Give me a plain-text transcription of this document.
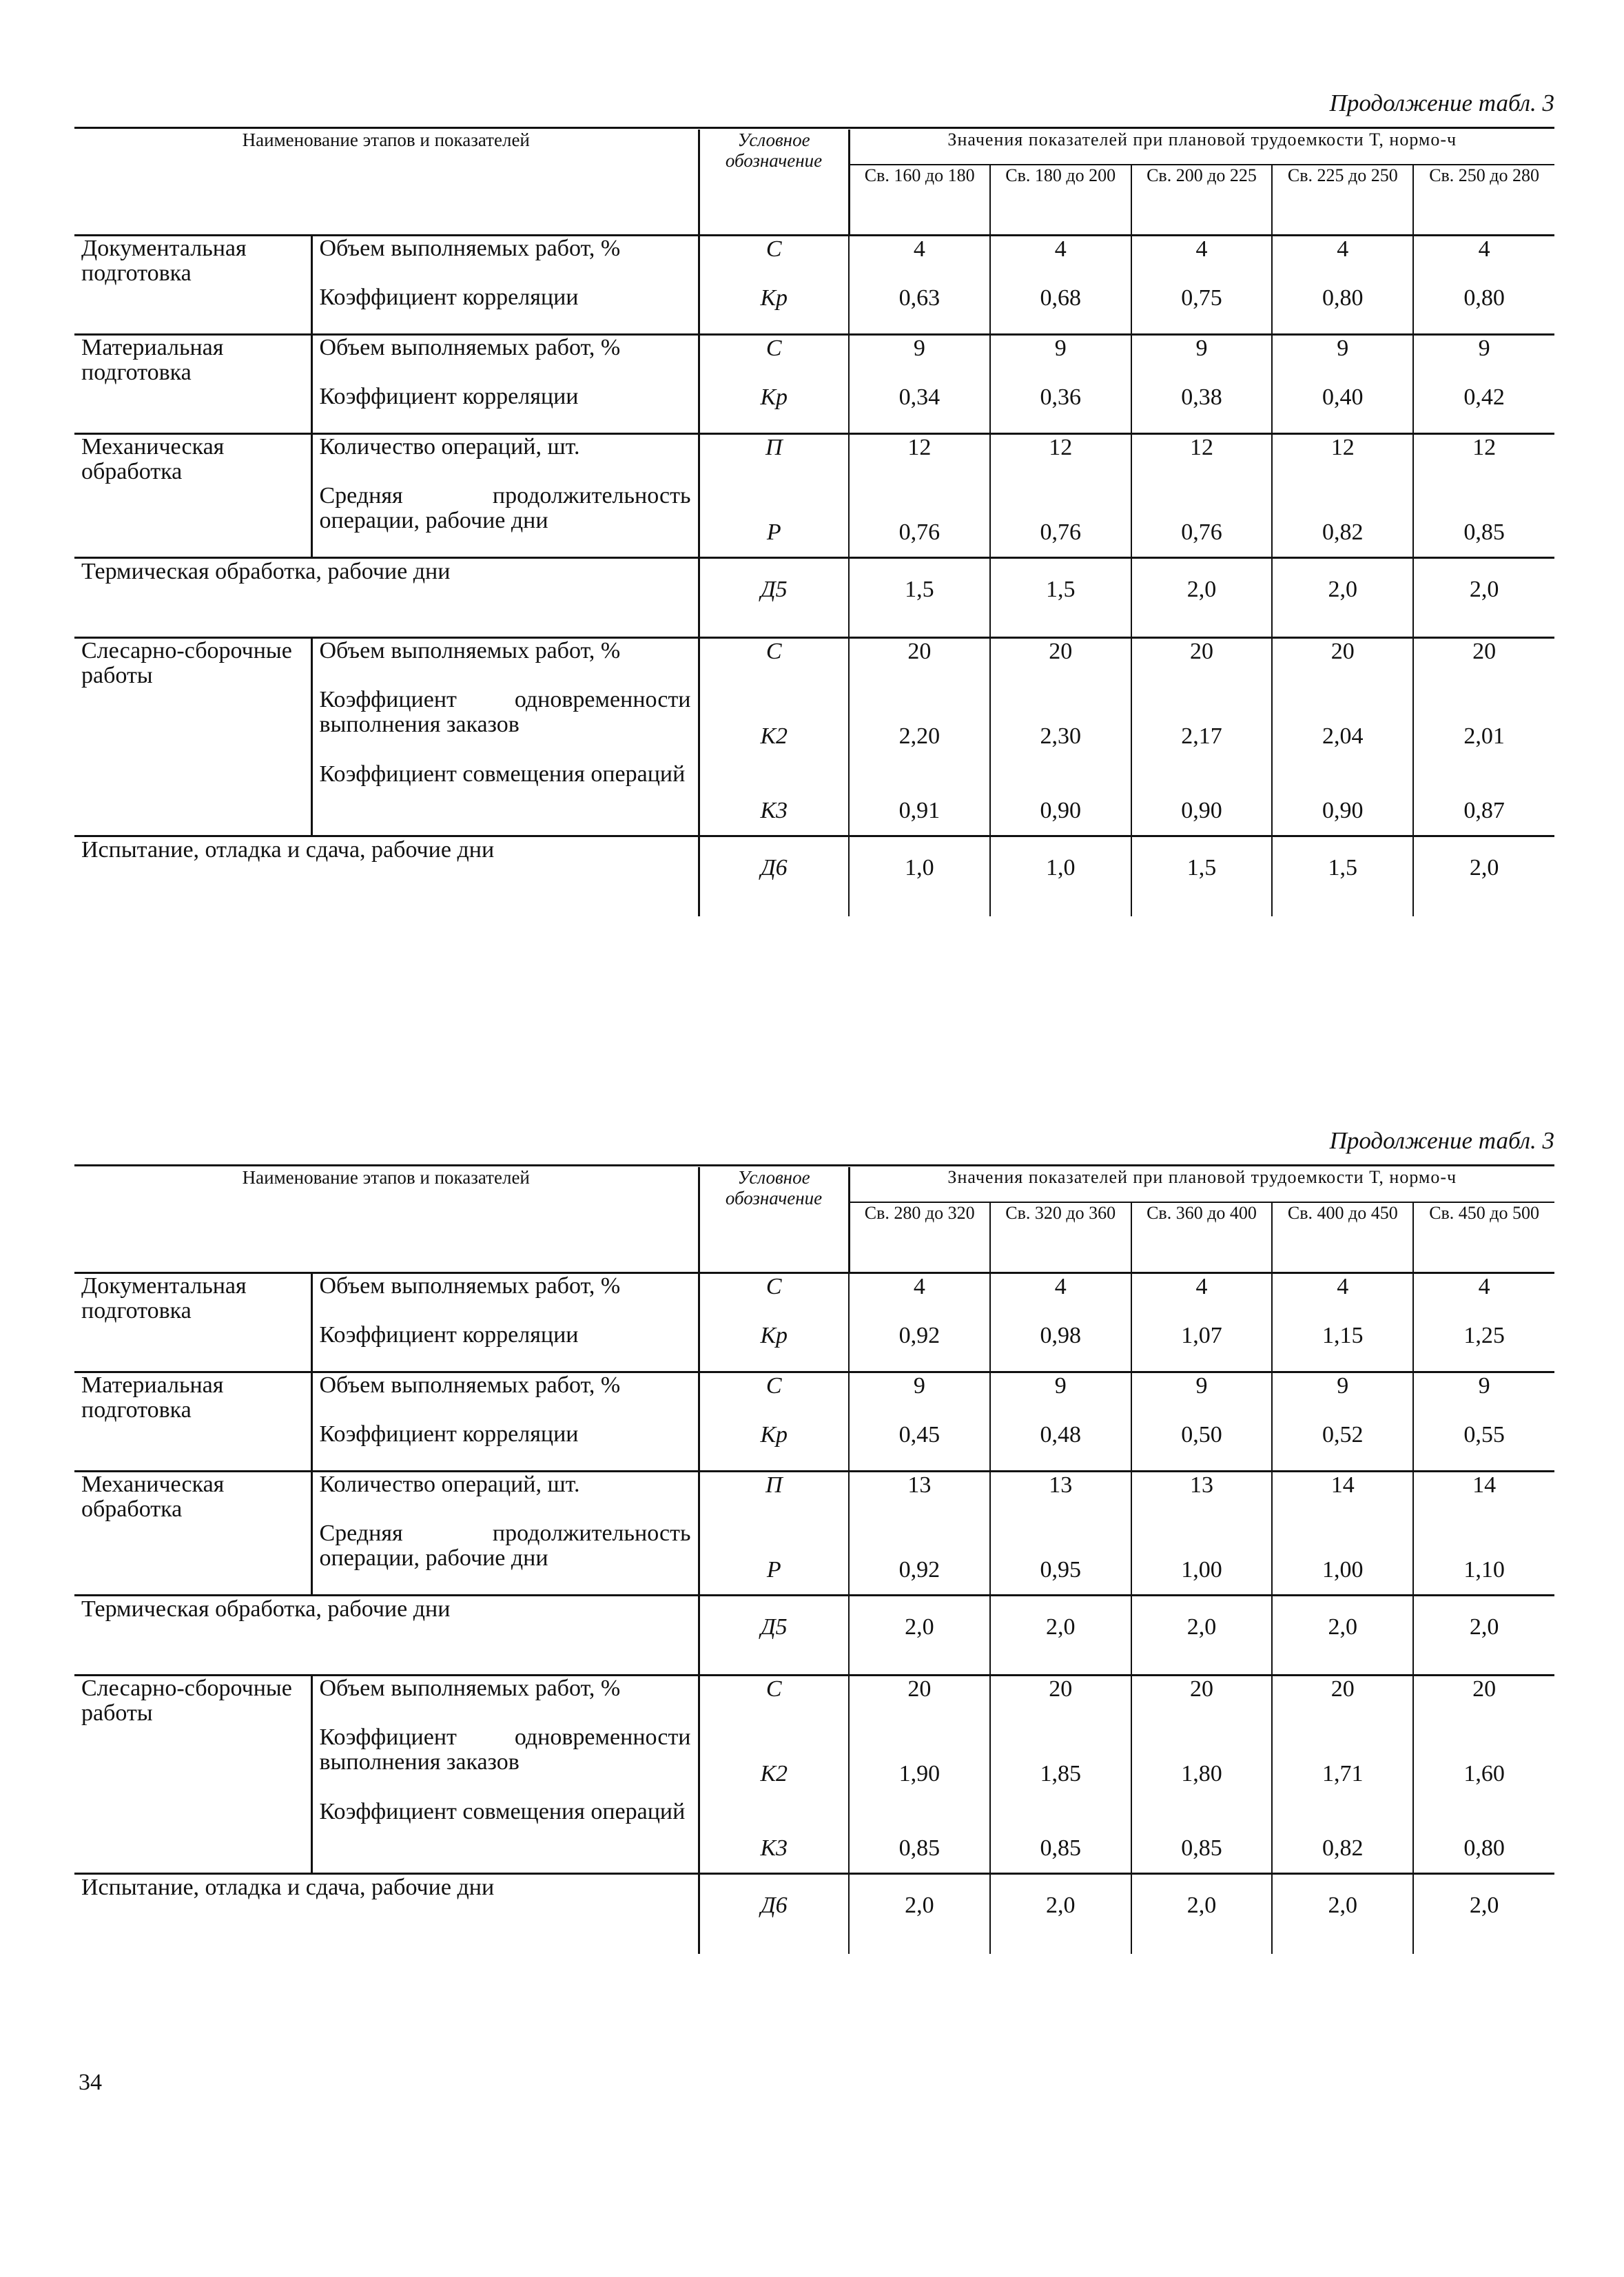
Продолжение табл. 3
Наименование этапов и показателей		Условное обозначение	Значения показателей при плановой трудоемкости Т, нормо-ч				
			Св. 160 до 180	Св. 180 до 200	Св. 200 до 225	Св. 225 до 250	Св. 250 до 280
Документальная подготовка	Объем выполняемых работ, %	С	4	4	4	4	4
	Коэффициент корреляции	Кр	0,63	0,68	0,75	0,80	0,80
Материальная подготовка	Объем выполняемых работ, %	С	9	9	9	9	9
	Коэффициент корреляции	Кр	0,34	0,36	0,38	0,40	0,42
Механическая обработка	Количество операций, шт.	П	12	12	12	12	12
	Средняя продолжительность операции, рабочие дни	Р	0,76	0,76	0,76	0,82	0,85
Термическая обработка, рабочие дни		Д5	1,5	1,5	2,0	2,0	2,0
Слесарно-сборочные работы	Объем выполняемых работ, %	С	20	20	20	20	20
	Коэффициент одновременности выполнения заказов	К2	2,20	2,30	2,17	2,04	2,01
	Коэффициент совмещения операций	К3	0,91	0,90	0,90	0,90	0,87
Испытание, отладка и сдача, рабочие дни		Д6	1,0	1,0	1,5	1,5	2,0
Продолжение табл. 3
Наименование этапов и показателей		Условное обозначение	Значения показателей при плановой трудоемкости Т, нормо-ч				
			Св. 280 до 320	Св. 320 до 360	Св. 360 до 400	Св. 400 до 450	Св. 450 до 500
Документальная подготовка	Объем выполняемых работ, %	С	4	4	4	4	4
	Коэффициент корреляции	Кр	0,92	0,98	1,07	1,15	1,25
Материальная подготовка	Объем выполняемых работ, %	С	9	9	9	9	9
	Коэффициент корреляции	Кр	0,45	0,48	0,50	0,52	0,55
Механическая обработка	Количество операций, шт.	П	13	13	13	14	14
	Средняя продолжительность операции, рабочие дни	Р	0,92	0,95	1,00	1,00	1,10
Термическая обработка, рабочие дни		Д5	2,0	2,0	2,0	2,0	2,0
Слесарно-сборочные работы	Объем выполняемых работ, %	С	20	20	20	20	20
	Коэффициент одновременности выполнения заказов	К2	1,90	1,85	1,80	1,71	1,60
	Коэффициент совмещения операций	К3	0,85	0,85	0,85	0,82	0,80
Испытание, отладка и сдача, рабочие дни		Д6	2,0	2,0	2,0	2,0	2,0
34
